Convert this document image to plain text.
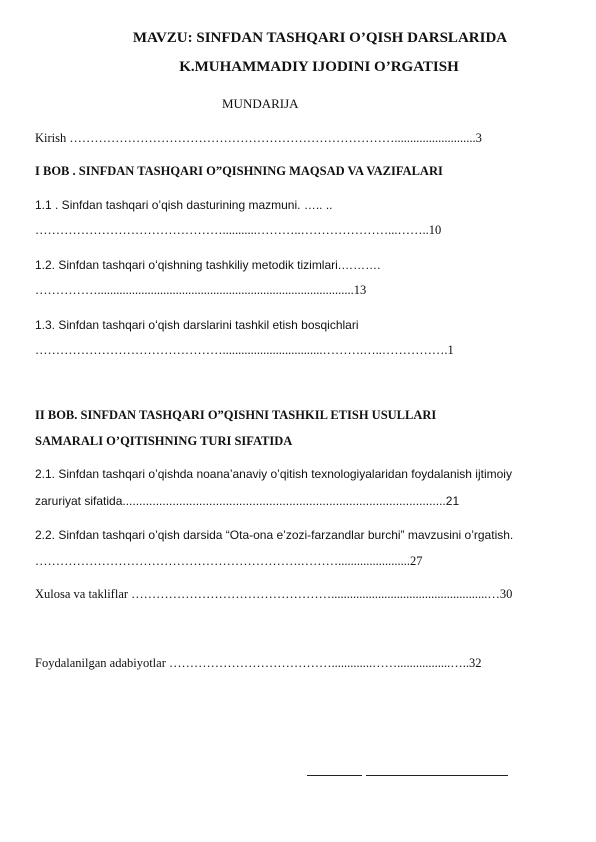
MAVZU: SINFDAN TASHQARI O’QISH DARSLARIDA
K.MUHAMMADIY IJODINI O’RGATISH
MUNDARIJA
Kirish ……………………………………………………………………..........................3
I BOB . SINFDAN TASHQARI O”QISHNING MAQSAD VA VAZIFALARI
1.1 . Sinfdan tashqari o’qish dasturining mazmuni. ….. ..
………………………………………...........………..…………………...……..10
1.2. Sinfdan tashqari oʻqishning tashkiliy metodik tizimlari.……….
……………..................................................................................13
1.3. Sinfdan tashqari oʻqish darslarini tashkil etish bosqichlari
………………………………………................................……….…..…………….1
II BOB. SINFDAN TASHQARI O”QISHNI TASHKIL ETISH USULLARI
SAMARALI O’QITISHNING TURI SIFATIDA
2.1. Sinfdan tashqari o’qishda noana’anaviy o’qitish texnologiyalaridan foydalanish ijtimoiy
zaruriyat sifatida.................................................................................................21
2.2. Sinfdan tashqari o’qish darsida “Ota-ona e’zozi-farzandlar burchi” mavzusini o’rgatish.
……………………………………………………….……….......................27
Xulosa va takliflar …………………………………………..................................................…30
Foydalanilgan adabiyotlar ………………………………….............…….................…..32
